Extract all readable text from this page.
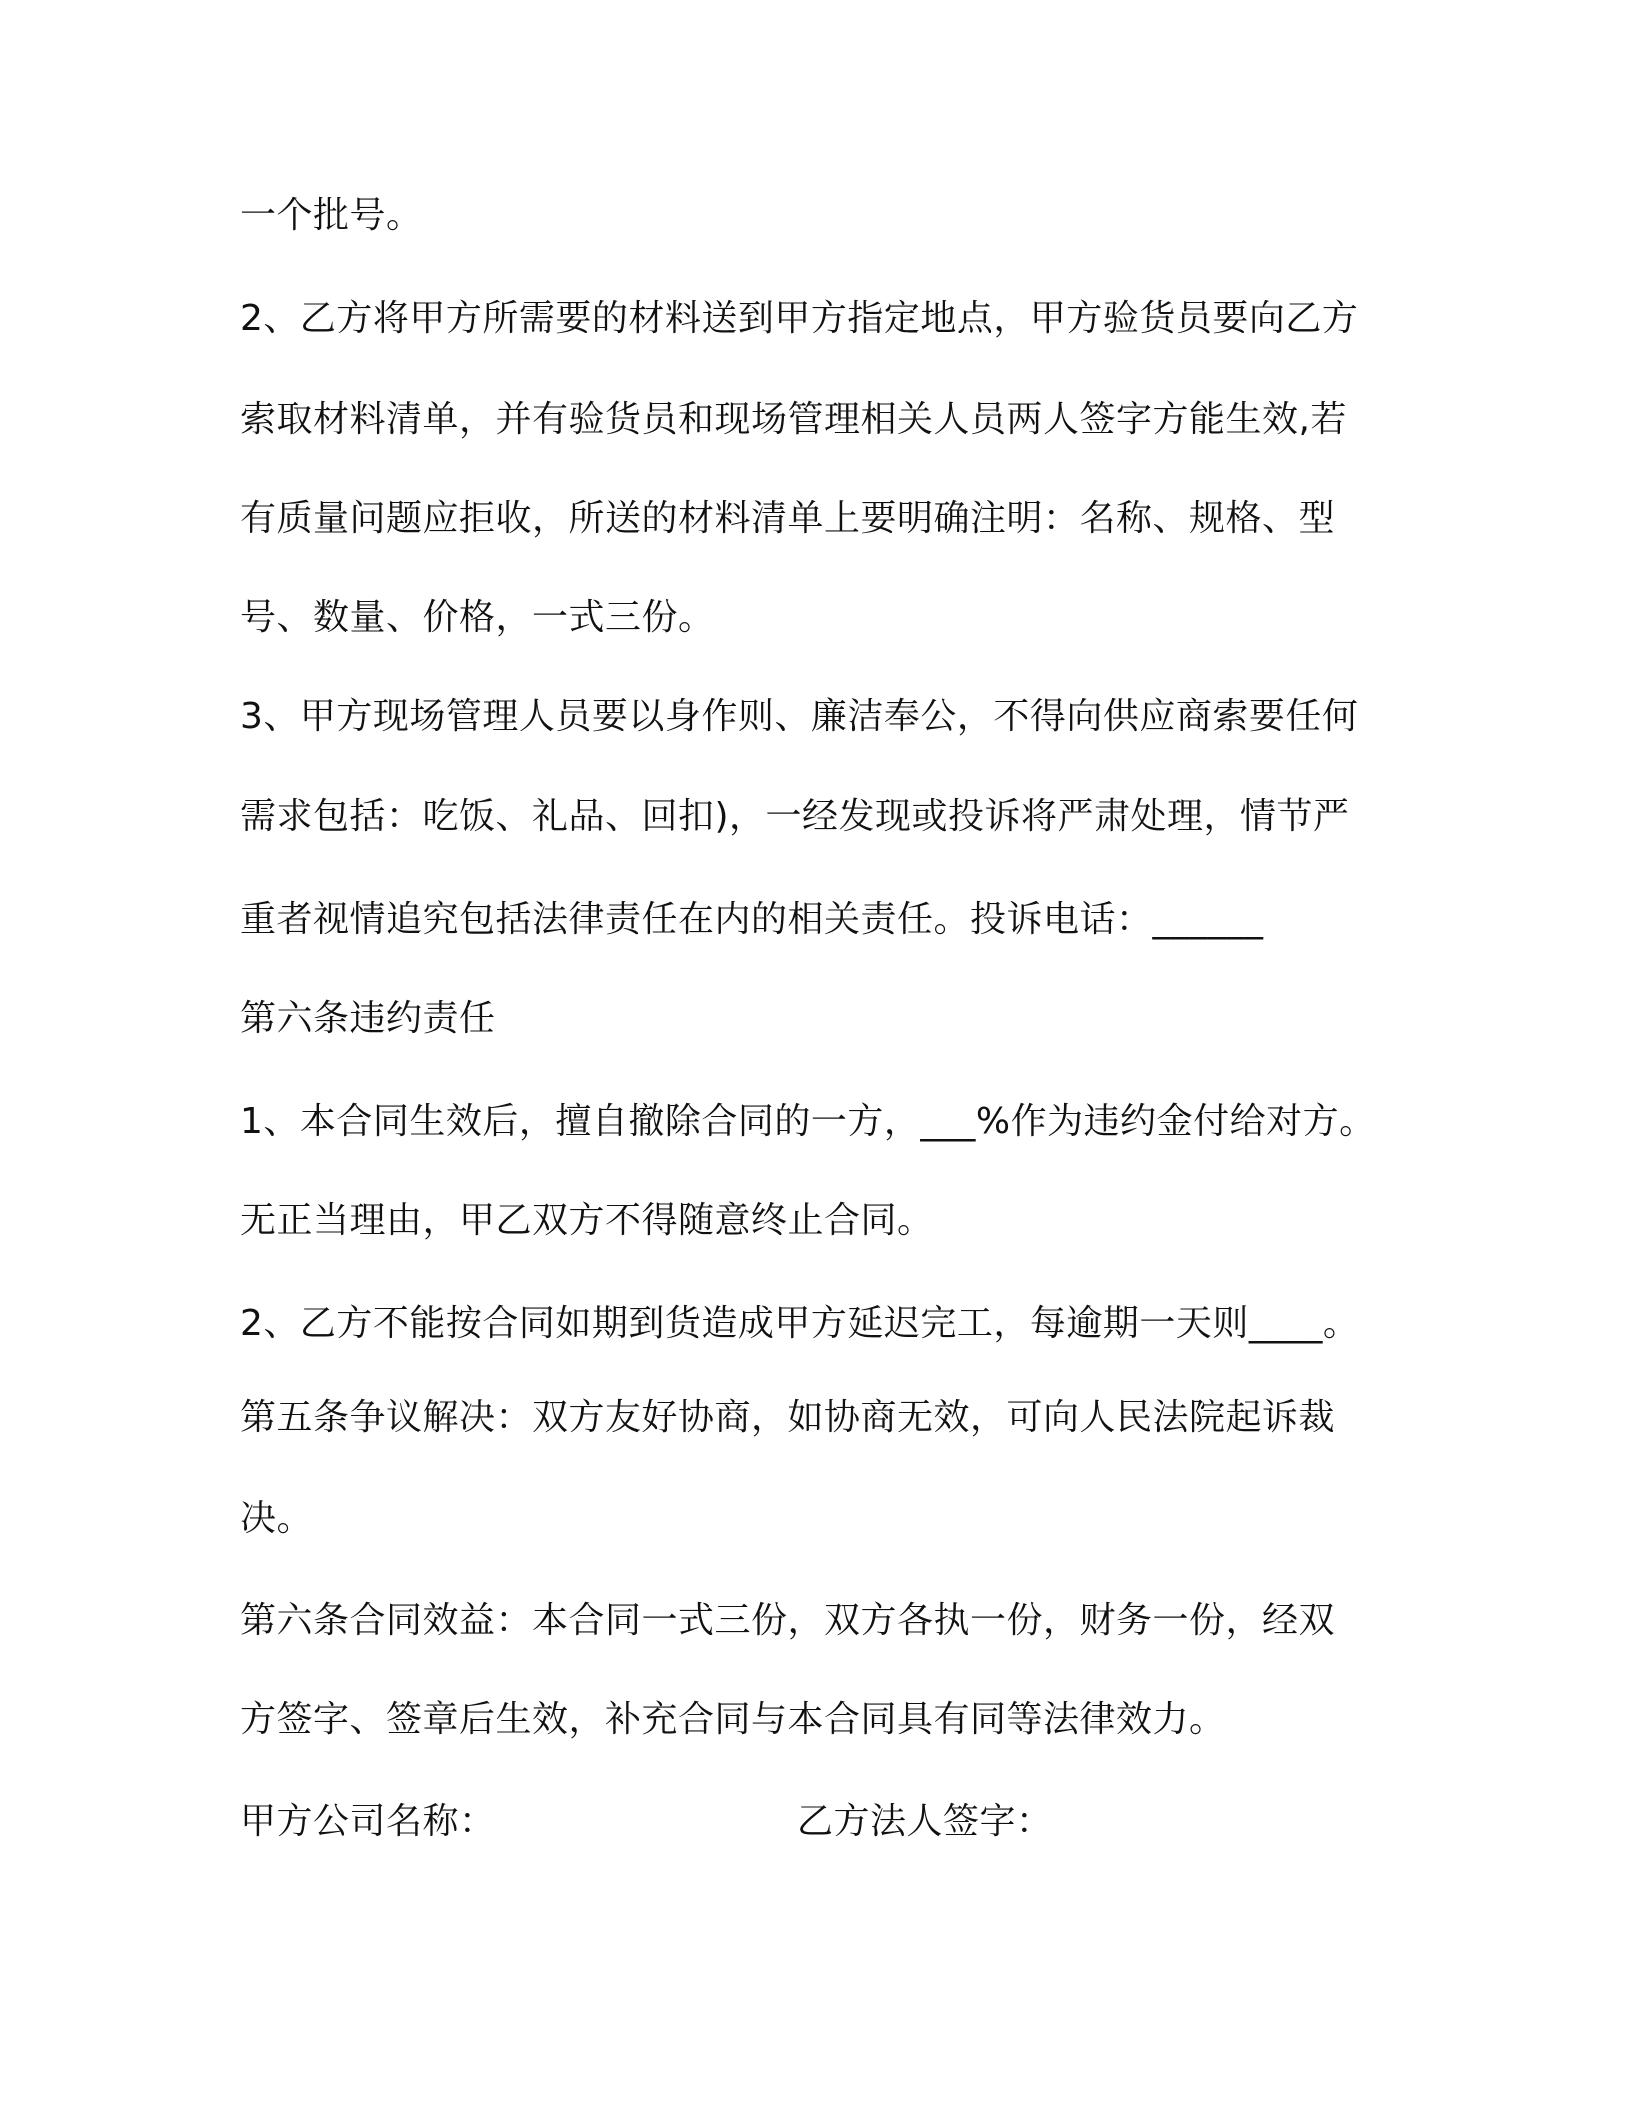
一个批号。
2、乙方将甲方所需要的材料送到甲方指定地点，甲方验货员要向乙方
索取材料清单，并有验货员和现场管理相关人员两人签字方能生效,若
有质量问题应拒收，所送的材料清单上要明确注明：名称、规格、型
号、数量、价格，一式三份。
3、甲方现场管理人员要以身作则、廉洁奉公，不得向供应商索要任何
需求包括：吃饭、礼品、回扣)，一经发现或投诉将严肃处理，情节严
重者视情追究包括法律责任在内的相关责任。投诉电话：______
第六条违约责任
1、本合同生效后，擅自撤除合同的一方，___%作为违约金付给对方。
无正当理由，甲乙双方不得随意终止合同。
2、乙方不能按合同如期到货造成甲方延迟完工，每逾期一天则____。
第五条争议解决：双方友好协商，如协商无效，可向人民法院起诉裁
决。
第六条合同效益：本合同一式三份，双方各执一份，财务一份，经双
方签字、签章后生效，补充合同与本合同具有同等法律效力。
甲方公司名称：	乙方法人签字：
